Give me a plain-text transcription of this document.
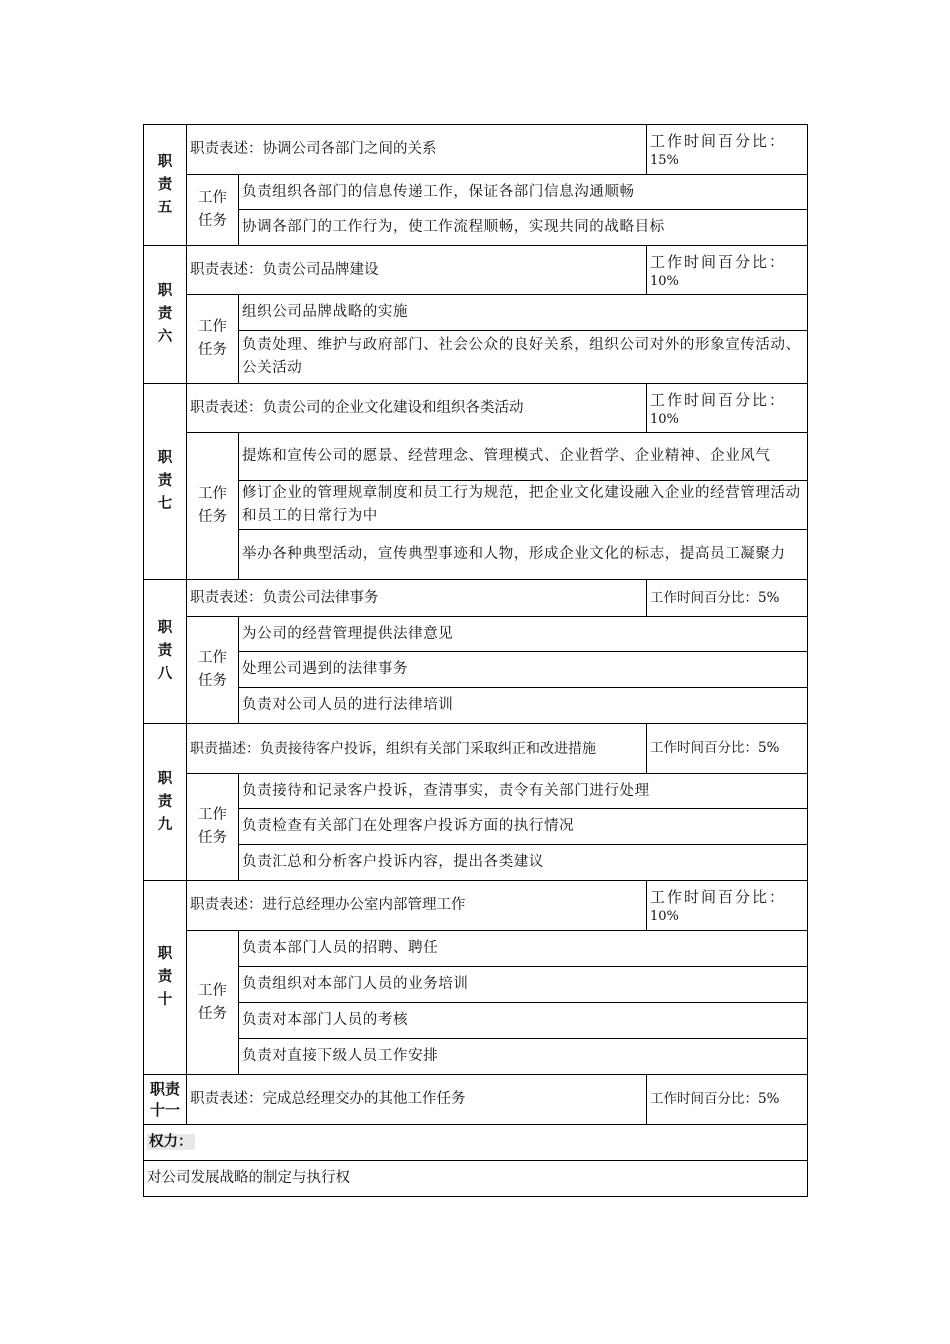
职
责
五	职责表述：协调公司各部门之间的关系		工作时间百分比：
15%

	工作
任务	负责组织各部门的信息传递工作，保证各部门信息沟通顺畅	
		协调各部门的工作行为，使工作流程顺畅，实现共同的战略目标	

职
责
六	职责表述：负责公司品牌建设		工作时间百分比：
10%

	工作
任务	组织公司品牌战略的实施	
		负责处理、维护与政府部门、社会公众的良好关系，组织公司对外的形象宣传活动、公关活动	

职
责
七	职责表述：负责公司的企业文化建设和组织各类活动		工作时间百分比：
10%

	工作
任务	提炼和宣传公司的愿景、经营理念、管理模式、企业哲学、企业精神、企业风气	
		修订企业的管理规章制度和员工行为规范，把企业文化建设融入企业的经营管理活动和员工的日常行为中	
		举办各种典型活动，宣传典型事迹和人物，形成企业文化的标志，提高员工凝聚力	

职
责
八	职责表述：负责公司法律事务		工作时间百分比：5%

	工作
任务	为公司的经营管理提供法律意见	
		处理公司遇到的法律事务	
		负责对公司人员的进行法律培训	

职
责
九	职责描述：负责接待客户投诉，组织有关部门采取纠正和改进措施		工作时间百分比：5%

	工作
任务	负责接待和记录客户投诉，查清事实，责令有关部门进行处理	
		负责检查有关部门在处理客户投诉方面的执行情况	
		负责汇总和分析客户投诉内容，提出各类建议	

职
责
十	职责表述：进行总经理办公室内部管理工作		工作时间百分比：
10%

	工作
任务	负责本部门人员的招聘、聘任	
		负责组织对本部门人员的业务培训	
		负责对本部门人员的考核	
		负责对直接下级人员工作安排	

职责
十一	职责表述：完成总经理交办的其他工作任务		工作时间百分比：5%
权力：			
对公司发展战略的制定与执行权			
